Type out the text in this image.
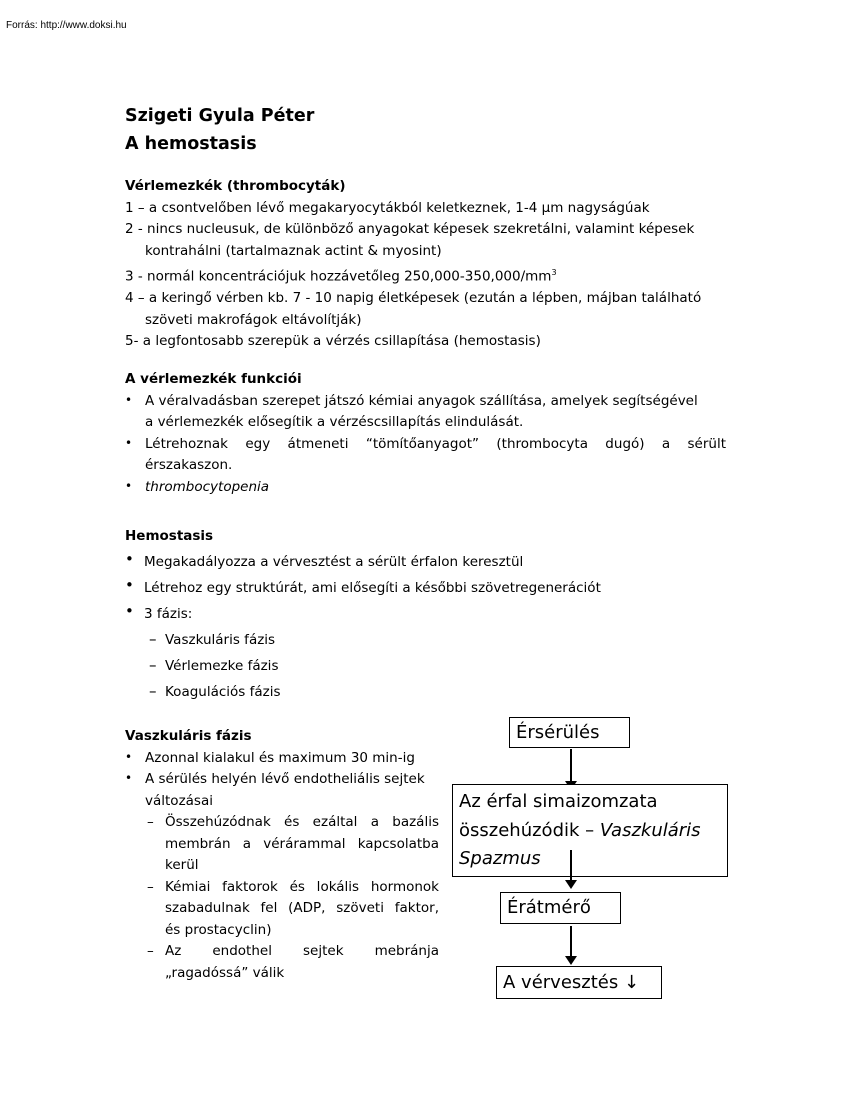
Forrás: http://www.doksi.hu
Szigeti Gyula Péter
A hemostasis
Vérlemezkék (thrombocyták)
1 – a csontvelőben lévő megakaryocytákból keletkeznek, 1-4 µm nagyságúak
2 - nincs nucleusuk, de különböző anyagokat képesek szekretálni, valamint képesek
kontrahálni (tartalmaznak actint & myosint)
3 - normál koncentrációjuk hozzávetőleg $250,000-350,000/mm^3$
4 – a keringő vérben kb. 7 - 10 napig életképesek (ezután a lépben, májban található
szöveti makrofágok eltávolítják)
5- a legfontosabb szerepük a vérzés csillapítása (hemostasis)
A vérlemezkék funkciói
• A véralvadásban szerepet játszó kémiai anyagok szállítása, amelyek segítségével
a vérlemezkék elősegítik a vérzéscsillapítás elindulását.
• Létrehoznak egy átmeneti “tömítőanyagot” (thrombocyta dugó) a sérült
érszakaszon.
• thrombocytopenia
Hemostasis
• Megakadályozza a vérvesztést a sérült érfalon keresztül
• Létrehoz egy struktúrát, ami elősegíti a későbbi szövetregenerációt
• 3 fázis:
– Vaszkuláris fázis
– Vérlemezke fázis
– Koagulációs fázis
Vaszkuláris fázis
• Azonnal kialakul és maximum 30 min-ig
• A sérülés helyén lévő endotheliális sejtek
változásai
– Összehúzódnak és ezáltal a bazális
membrán a vérárammal kapcsolatba
kerül
– Kémiai faktorok és lokális hormonok
szabadulnak fel (ADP, szöveti faktor,
és prostacyclin)
– Az endothel sejtek mebránja
„ragadóssá” válik
Érsérülés
Az érfal simaizomzata
összehúzódik – Vaszkuláris
Spazmus
Érátmérő
A vérvesztés ↓
